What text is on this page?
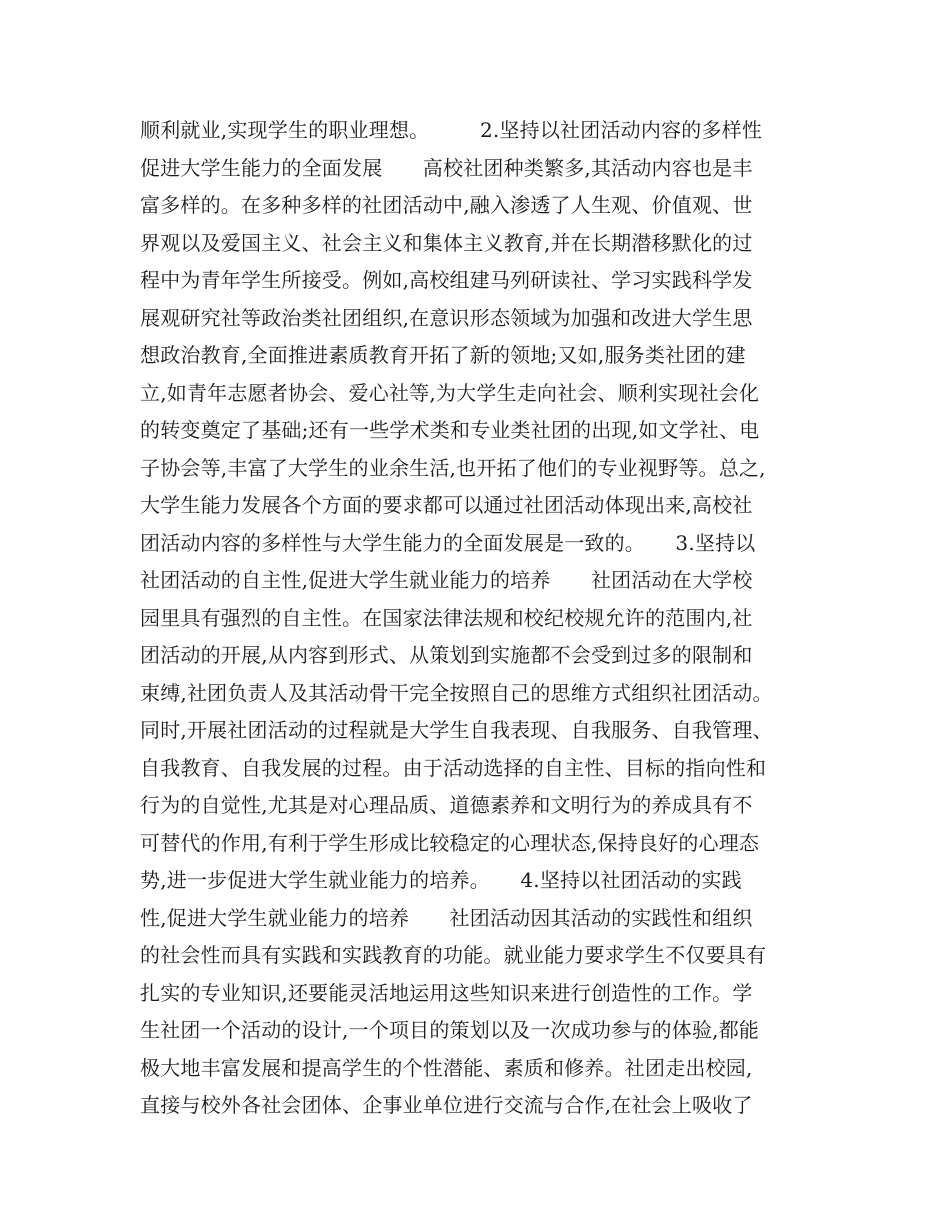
顺利就业,实现学生的职业理想。　　　2.坚持以社团活动内容的多样性
促进大学生能力的全面发展　　高校社团种类繁多,其活动内容也是丰
富多样的。在多种多样的社团活动中,融入渗透了人生观、价值观、世
界观以及爱国主义、社会主义和集体主义教育,并在长期潜移默化的过
程中为青年学生所接受。例如,高校组建马列研读社、学习实践科学发
展观研究社等政治类社团组织,在意识形态领域为加强和改进大学生思
想政治教育,全面推进素质教育开拓了新的领地;又如,服务类社团的建
立,如青年志愿者协会、爱心社等,为大学生走向社会、顺利实现社会化
的转变奠定了基础;还有一些学术类和专业类社团的出现,如文学社、电
子协会等,丰富了大学生的业余生活,也开拓了他们的专业视野等。总之,
大学生能力发展各个方面的要求都可以通过社团活动体现出来,高校社
团活动内容的多样性与大学生能力的全面发展是一致的。　　3.坚持以
社团活动的自主性,促进大学生就业能力的培养　　社团活动在大学校
园里具有强烈的自主性。在国家法律法规和校纪校规允许的范围内,社
团活动的开展,从内容到形式、从策划到实施都不会受到过多的限制和
束缚,社团负责人及其活动骨干完全按照自己的思维方式组织社团活动。
同时,开展社团活动的过程就是大学生自我表现、自我服务、自我管理、
自我教育、自我发展的过程。由于活动选择的自主性、目标的指向性和
行为的自觉性,尤其是对心理品质、道德素养和文明行为的养成具有不
可替代的作用,有利于学生形成比较稳定的心理状态,保持良好的心理态
势,进一步促进大学生就业能力的培养。　　4.坚持以社团活动的实践
性,促进大学生就业能力的培养　　社团活动因其活动的实践性和组织
的社会性而具有实践和实践教育的功能。就业能力要求学生不仅要具有
扎实的专业知识,还要能灵活地运用这些知识来进行创造性的工作。学
生社团一个活动的设计,一个项目的策划以及一次成功参与的体验,都能
极大地丰富发展和提高学生的个性潜能、素质和修养。社团走出校园,
直接与校外各社会团体、企事业单位进行交流与合作,在社会上吸收了
